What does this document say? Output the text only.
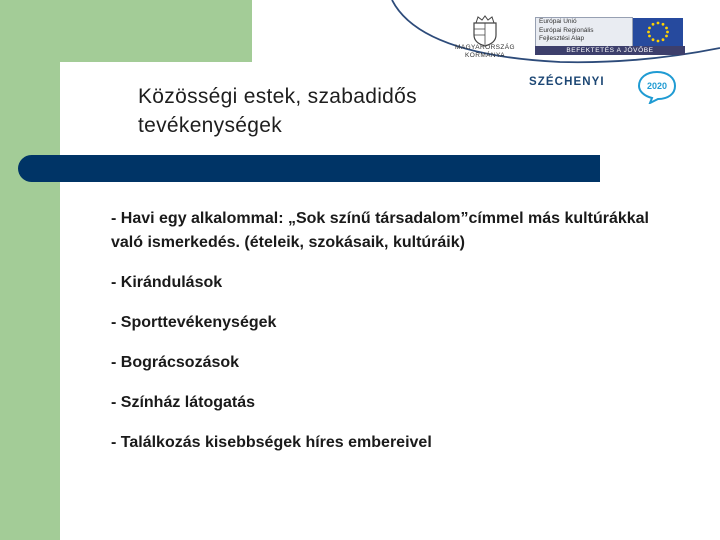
MAGYARORSZÁG
KORMÁNYA
Európai Unió
Európai Regionális
Fejlesztési Alap
BEFEKTETÉS A JÖVŐBE
SZÉCHENYI	2020
Közösségi estek, szabadidős
tevékenységek
- Havi egy alkalommal: „Sok színű társadalom”címmel más kultúrákkal való ismerkedés. (ételeik, szokásaik, kultúráik)
- Kirándulások
- Sporttevékenységek
- Bográcsozások
- Színház látogatás
- Találkozás kisebbségek híres embereivel
